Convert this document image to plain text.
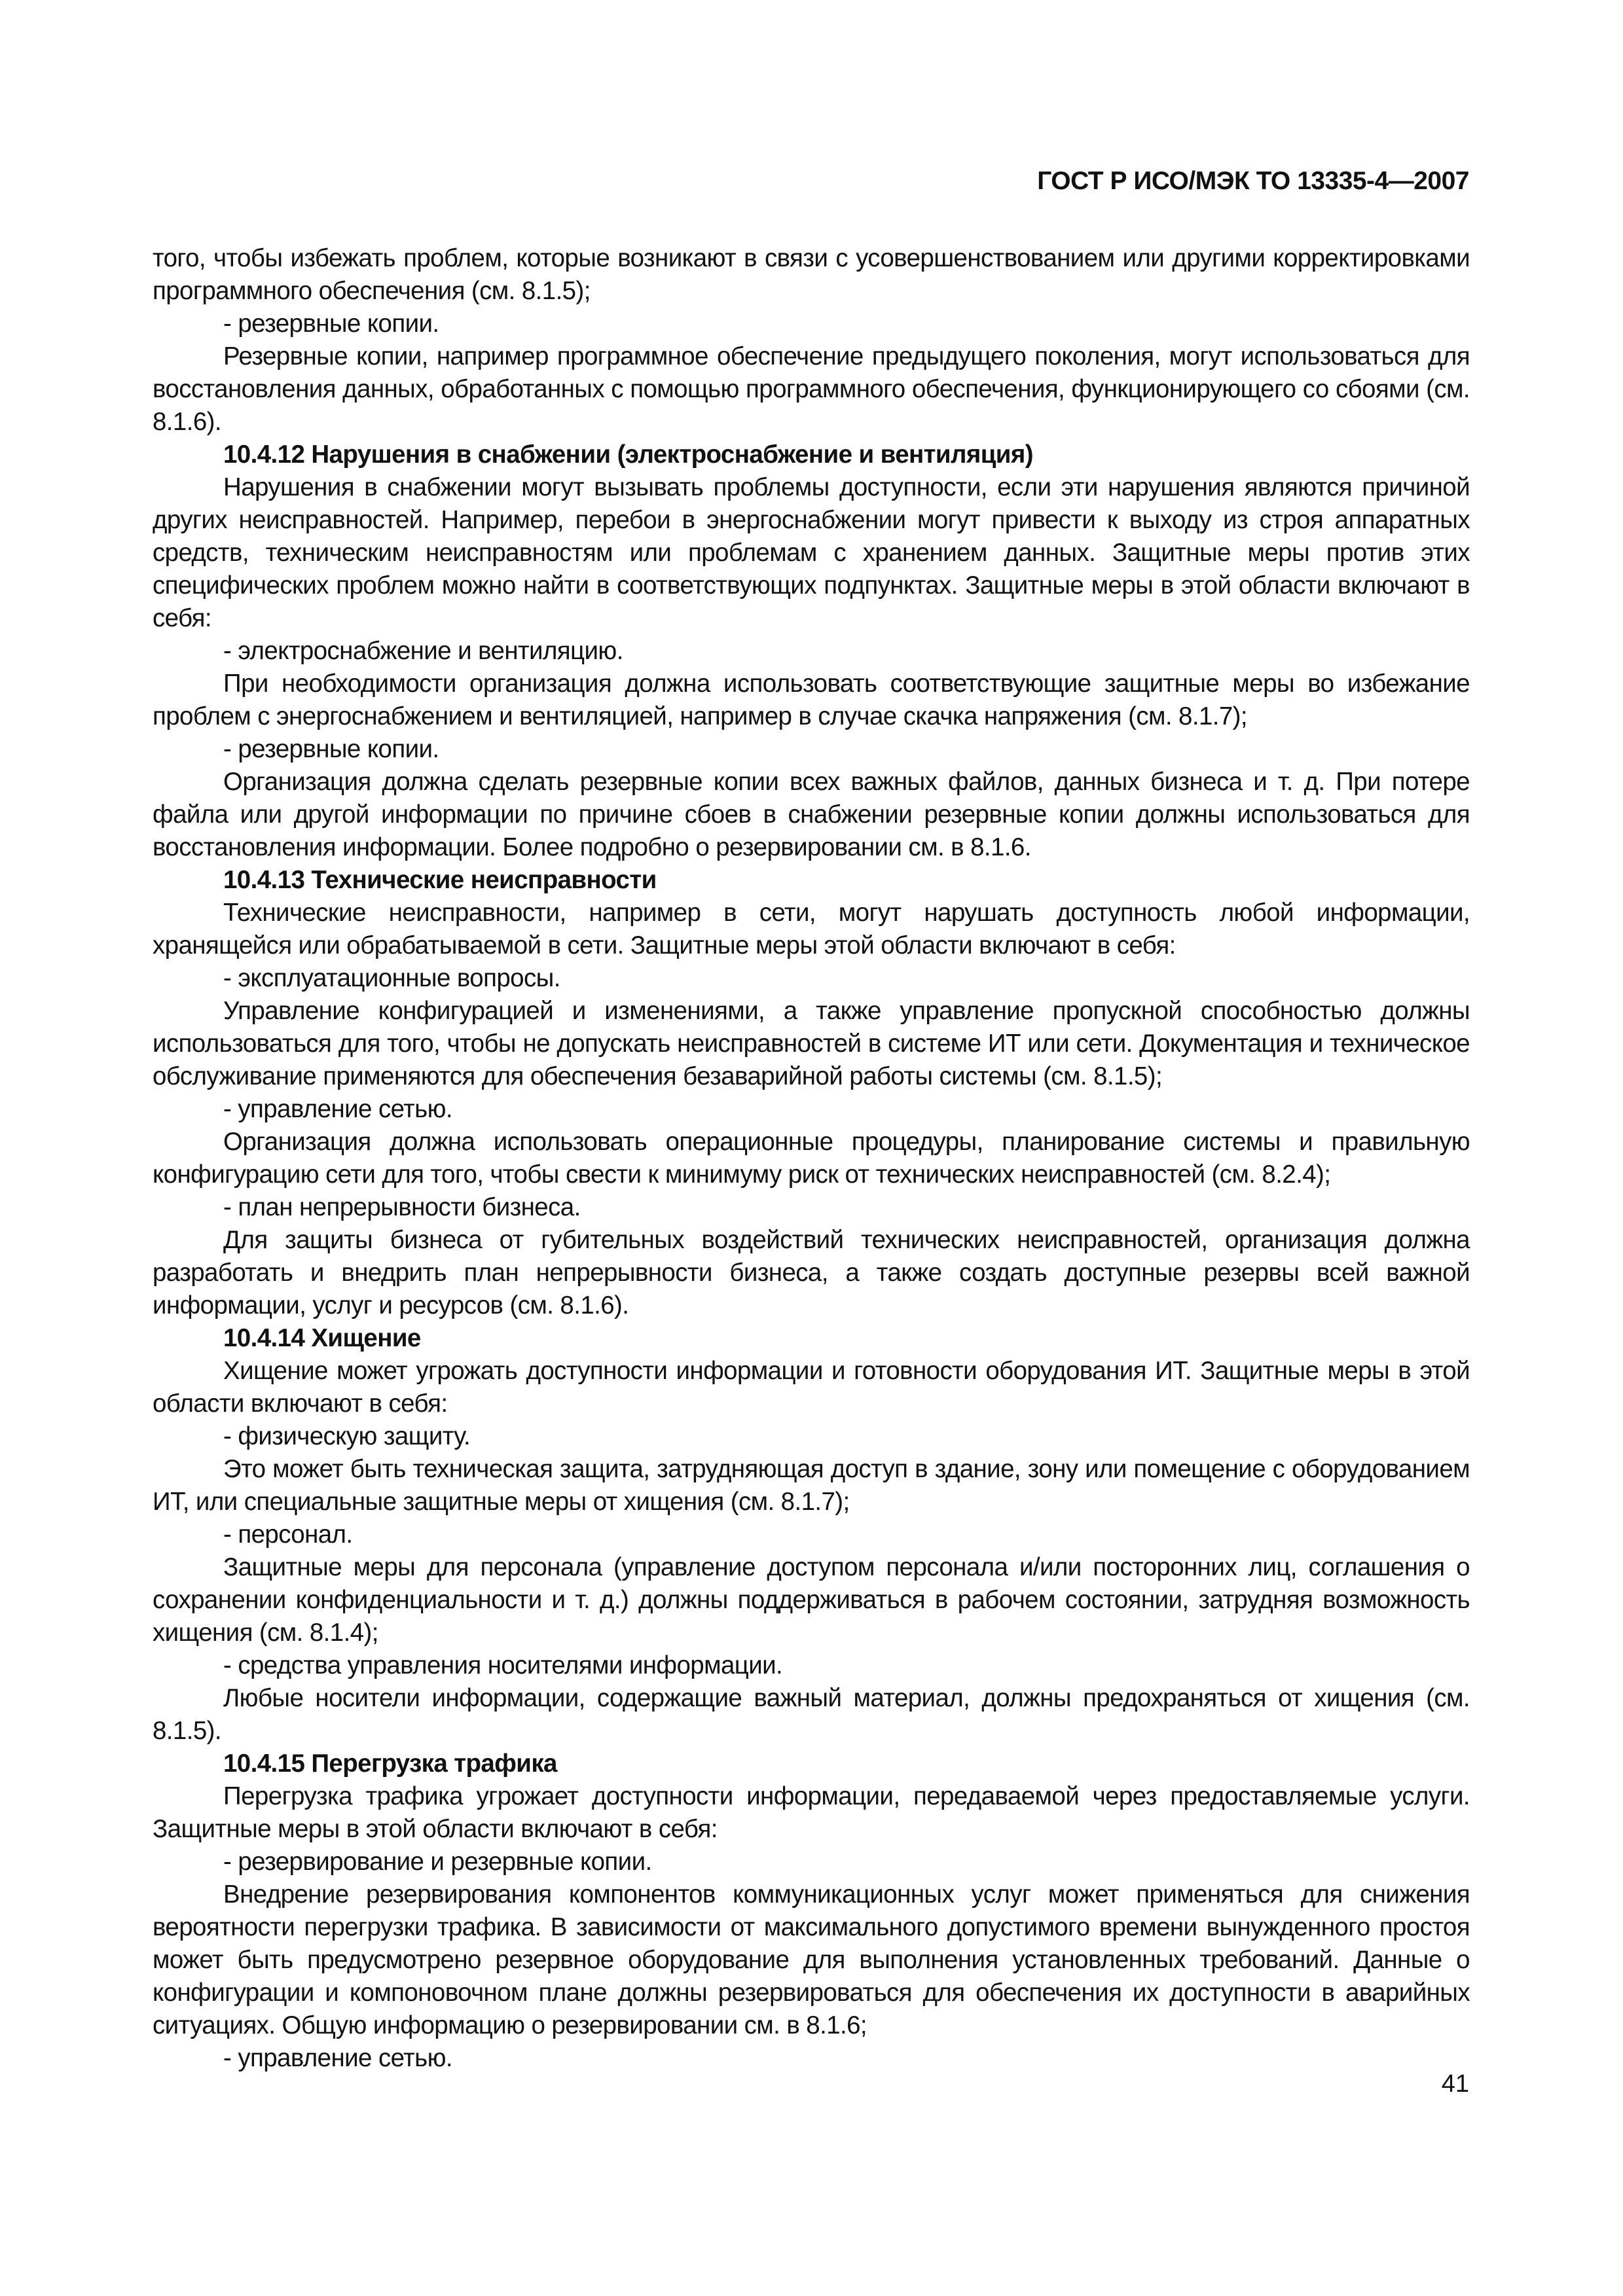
ГОСТ Р ИСО/МЭК ТО 13335-4—2007

того, чтобы избежать проблем, которые возникают в связи с усовершенствованием или другими корректировками программного обеспечения (см. 8.1.5);

- резервные копии.

Резервные копии, например программное обеспечение предыдущего поколения, могут использоваться для восстановления данных, обработанных с помощью программного обеспечения, функционирующего со сбоями (см. 8.1.6).

10.4.12 Нарушения в снабжении (электроснабжение и вентиляция)

Нарушения в снабжении могут вызывать проблемы доступности, если эти нарушения являются причиной других неисправностей. Например, перебои в энергоснабжении могут привести к выходу из строя аппаратных средств, техническим неисправностям или проблемам с хранением данных. Защитные меры против этих специфических проблем можно найти в соответствующих подпунктах. Защитные меры в этой области включают в себя:

- электроснабжение и вентиляцию.

При необходимости организация должна использовать соответствующие защитные меры во избежание проблем с энергоснабжением и вентиляцией, например в случае скачка напряжения (см. 8.1.7);

- резервные копии.

Организация должна сделать резервные копии всех важных файлов, данных бизнеса и т. д. При потере файла или другой информации по причине сбоев в снабжении резервные копии должны использоваться для восстановления информации. Более подробно о резервировании см. в 8.1.6.

10.4.13 Технические неисправности

Технические неисправности, например в сети, могут нарушать доступность любой информации, хранящейся или обрабатываемой в сети. Защитные меры этой области включают в себя:

- эксплуатационные вопросы.

Управление конфигурацией и изменениями, а также управление пропускной способностью должны использоваться для того, чтобы не допускать неисправностей в системе ИТ или сети. Документация и техническое обслуживание применяются для обеспечения безаварийной работы системы (см. 8.1.5);

- управление сетью.

Организация должна использовать операционные процедуры, планирование системы и правильную конфигурацию сети для того, чтобы свести к минимуму риск от технических неисправностей (см. 8.2.4);

- план непрерывности бизнеса.

Для защиты бизнеса от губительных воздействий технических неисправностей, организация должна разработать и внедрить план непрерывности бизнеса, а также создать доступные резервы всей важной информации, услуг и ресурсов (см. 8.1.6).

10.4.14 Хищение

Хищение может угрожать доступности информации и готовности оборудования ИТ. Защитные меры в этой области включают в себя:

- физическую защиту.

Это может быть техническая защита, затрудняющая доступ в здание, зону или помещение с оборудованием ИТ, или специальные защитные меры от хищения (см. 8.1.7);

- персонал.

Защитные меры для персонала (управление доступом персонала и/или посторонних лиц, соглашения о сохранении конфиденциальности и т. д.) должны поддерживаться в рабочем состоянии, затрудняя возможность хищения (см. 8.1.4);

- средства управления носителями информации.

Любые носители информации, содержащие важный материал, должны предохраняться от хищения (см. 8.1.5).

10.4.15 Перегрузка трафика

Перегрузка трафика угрожает доступности информации, передаваемой через предоставляемые услуги. Защитные меры в этой области включают в себя:

- резервирование и резервные копии.

Внедрение резервирования компонентов коммуникационных услуг может применяться для снижения вероятности перегрузки трафика. В зависимости от максимального допустимого времени вынужденного простоя может быть предусмотрено резервное оборудование для выполнения установленных требований. Данные о конфигурации и компоновочном плане должны резервироваться для обеспечения их доступности в аварийных ситуациях. Общую информацию о резервировании см. в 8.1.6;

- управление сетью.

41
